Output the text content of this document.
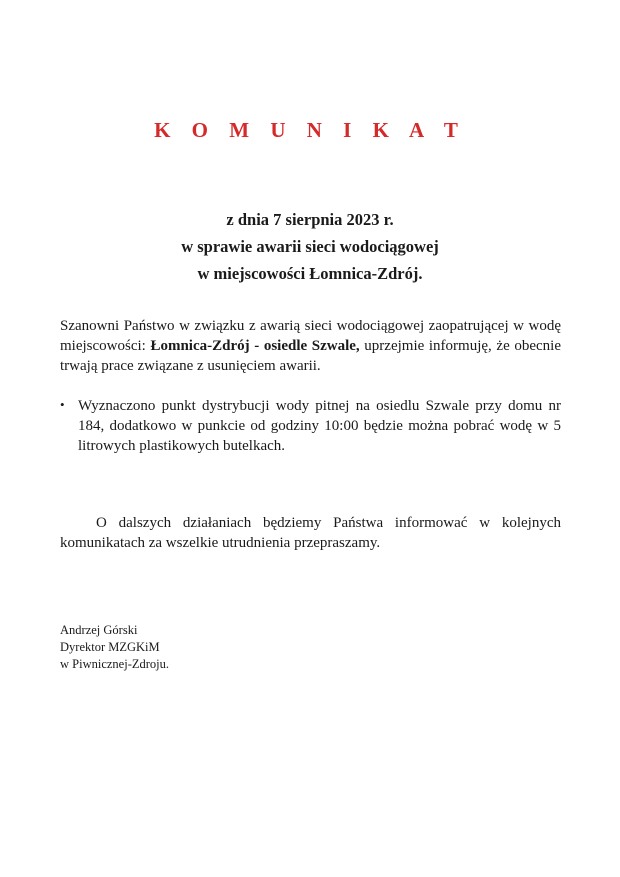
K O M U N I K A T
z dnia 7 sierpnia 2023 r.
w sprawie awarii sieci wodociągowej
w miejscowości Łomnica-Zdrój.

Szanowni Państwo w związku z awarią sieci wodociągowej zaopatrującej w wodę miejscowości: Łomnica-Zdrój - osiedle Szwale, uprzejmie informuję, że obecnie trwają prace związane z usunięciem awarii.

• Wyznaczono punkt dystrybucji wody pitnej na osiedlu Szwale przy domu nr 184, dodatkowo w punkcie od godziny 10:00 będzie można pobrać wodę w 5 litrowych plastikowych butelkach.

O dalszych działaniach będziemy Państwa informować w kolejnych komunikatach za wszelkie utrudnienia przepraszamy.

Andrzej Górski
Dyrektor MZGKiM
w Piwnicznej-Zdroju.
